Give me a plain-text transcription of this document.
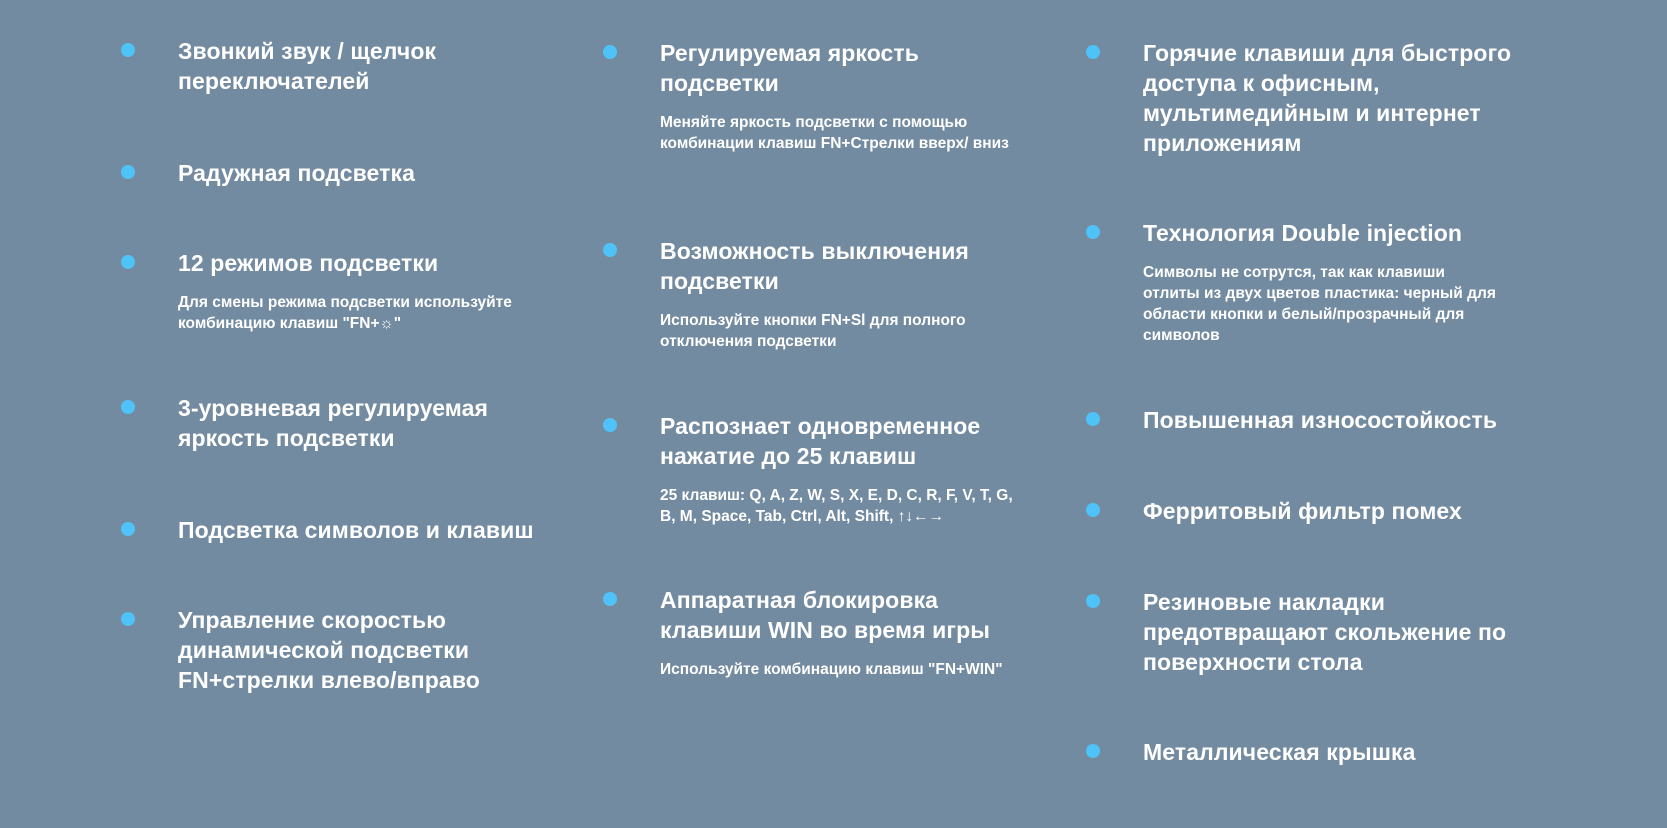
Звонкий звук / щелчок переключателей

Радужная подсветка

12 режимов подсветки

Для смены режима подсветки используйте комбинацию клавиш "FN+☼"

3-уровневая регулируемая яркость подсветки

Подсветка символов и клавиш

Управление скоростью динамической подсветки FN+стрелки влево/вправо

Регулируемая яркость подсветки

Меняйте яркость подсветки с помощью комбинации клавиш FN+Стрелки вверх/ вниз

Возможность выключения подсветки

Используйте кнопки FN+Sl для полного отключения подсветки

Распознает одновременное нажатие до 25 клавиш

25 клавиш: Q, A, Z, W, S, X, E, D, C, R, F, V, T, G, B, M, Space, Tab, Ctrl, Alt, Shift, ↑↓←→

Аппаратная блокировка клавиши WIN во время игры

Используйте комбинацию клавиш "FN+WIN"

Горячие клавиши для быстрого доступа к офисным, мультимедийным и интернет приложениям

Технология Double injection

Символы не сотрутся, так как клавиши отлиты из двух цветов пластика: черный для области кнопки и белый/прозрачный для символов

Повышенная износостойкость

Ферритовый фильтр помех

Резиновые накладки предотвращают скольжение по поверхности стола

Металлическая крышка
